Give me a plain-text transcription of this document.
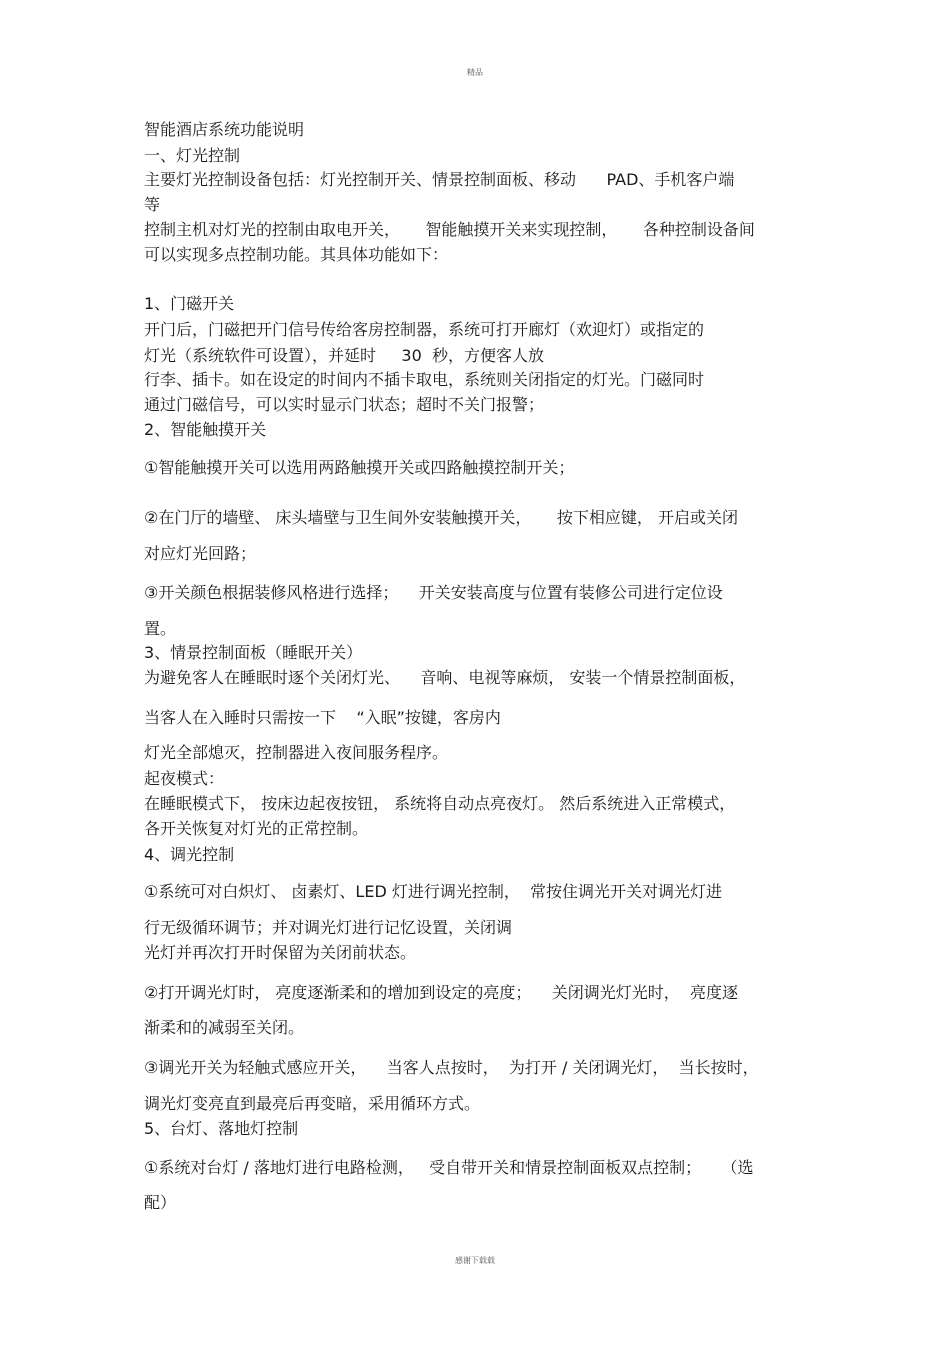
精品
智能酒店系统功能说明
一、灯光控制
主要灯光控制设备包括：灯光控制开关、情景控制面板、移动      PAD、手机客户端
等
控制主机对灯光的控制由取电开关，     智能触摸开关来实现控制，     各种控制设备间
可以实现多点控制功能。其具体功能如下：
1、门磁开关
开门后，门磁把开门信号传给客房控制器，系统可打开廊灯（欢迎灯）或指定的
灯光（系统软件可设置），并延时     30  秒，方便客人放
行李、插卡。如在设定的时间内不插卡取电，系统则关闭指定的灯光。门磁同时
通过门磁信号，可以实时显示门状态；超时不关门报警；
2、智能触摸开关
①智能触摸开关可以选用两路触摸开关或四路触摸控制开关；
②在门厅的墙壁、 床头墙壁与卫生间外安装触摸开关，     按下相应键， 开启或关闭
对应灯光回路；
③开关颜色根据装修风格进行选择；    开关安装高度与位置有装修公司进行定位设
置。
3、情景控制面板（睡眠开关）
为避免客人在睡眠时逐个关闭灯光、    音响、电视等麻烦， 安装一个情景控制面板，
当客人在入睡时只需按一下    “入眠”按键，客房内
灯光全部熄灭，控制器进入夜间服务程序。
起夜模式：
在睡眠模式下， 按床边起夜按钮， 系统将自动点亮夜灯。 然后系统进入正常模式，
各开关恢复对灯光的正常控制。
4、调光控制
①系统可对白炽灯、 卤素灯、LED 灯进行调光控制，  常按住调光开关对调光灯进
行无级循环调节；并对调光灯进行记忆设置，关闭调
光灯并再次打开时保留为关闭前状态。
②打开调光灯时， 亮度逐渐柔和的增加到设定的亮度；    关闭调光灯光时，  亮度逐
渐柔和的减弱至关闭。
③调光开关为轻触式感应开关，    当客人点按时，  为打开 / 关闭调光灯，  当长按时，
调光灯变亮直到最亮后再变暗，采用循环方式。
5、台灯、落地灯控制
①系统对台灯 / 落地灯进行电路检测，   受自带开关和情景控制面板双点控制；    （选
配）
感谢下载载
